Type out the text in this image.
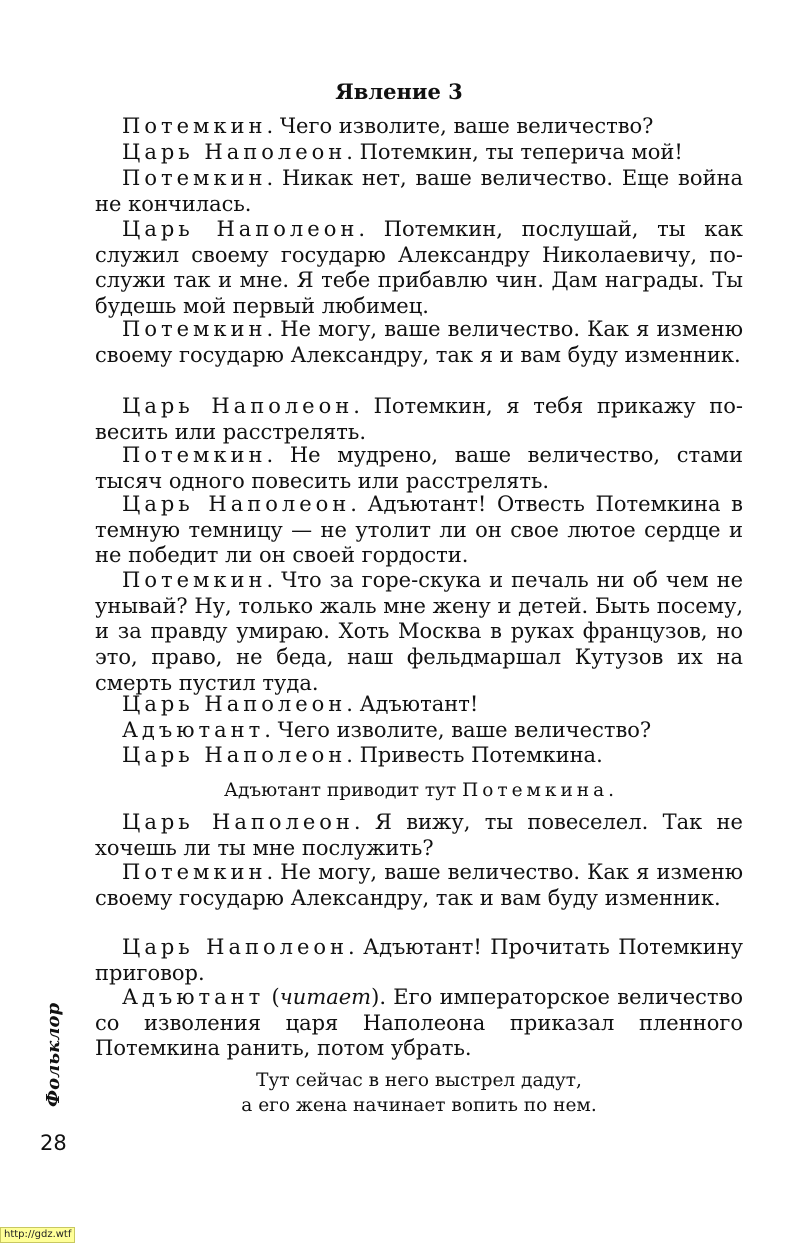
Явление 3

Потемкин. Чего изволите, ваше величество?

Царь Наполеон. Потемкин, ты теперича мой!

Потемкин. Никак нет, ваше величество. Еще война не кончилась.

Царь Наполеон. Потемкин, послушай, ты как служил своему государю Александру Николаевичу, послужи так и мне. Я тебе прибавлю чин. Дам награды. Ты будешь мой первый любимец.

Потемкин. Не могу, ваше величество. Как я изменю своему государю Александру, так я и вам буду изменник.

Царь Наполеон. Потемкин, я тебя прикажу повесить или расстрелять.

Потемкин. Не мудрено, ваше величество, стами тысяч одного повесить или расстрелять.

Царь Наполеон. Адъютант! Отвесть Потемкина в темную темницу — не утолит ли он свое лютое сердце и не победит ли он своей гордости.

Потемкин. Что за горе-скука и печаль ни об чем не унывай? Ну, только жаль мне жену и детей. Быть посему, и за правду умираю. Хоть Москва в руках французов, но это, право, не беда, наш фельдмаршал Кутузов их на смерть пустил туда.

Царь Наполеон. Адъютант!

Адъютант. Чего изволите, ваше величество?

Царь Наполеон. Привесть Потемкина.

Адъютант приводит тут Потемкина.

Царь Наполеон. Я вижу, ты повеселел. Так не хочешь ли ты мне послужить?

Потемкин. Не могу, ваше величество. Как я изменю своему государю Александру, так и вам буду изменник.

Царь Наполеон. Адъютант! Прочитать Потемкину приговор.

Адъютант (читает). Его императорское величество со изволения царя Наполеона приказал пленного Потемкина ранить, потом убрать.

Тут сейчас в него выстрел дадут,
а его жена начинает вопить по нем.

Фольклор
28
http://gdz.wtf
